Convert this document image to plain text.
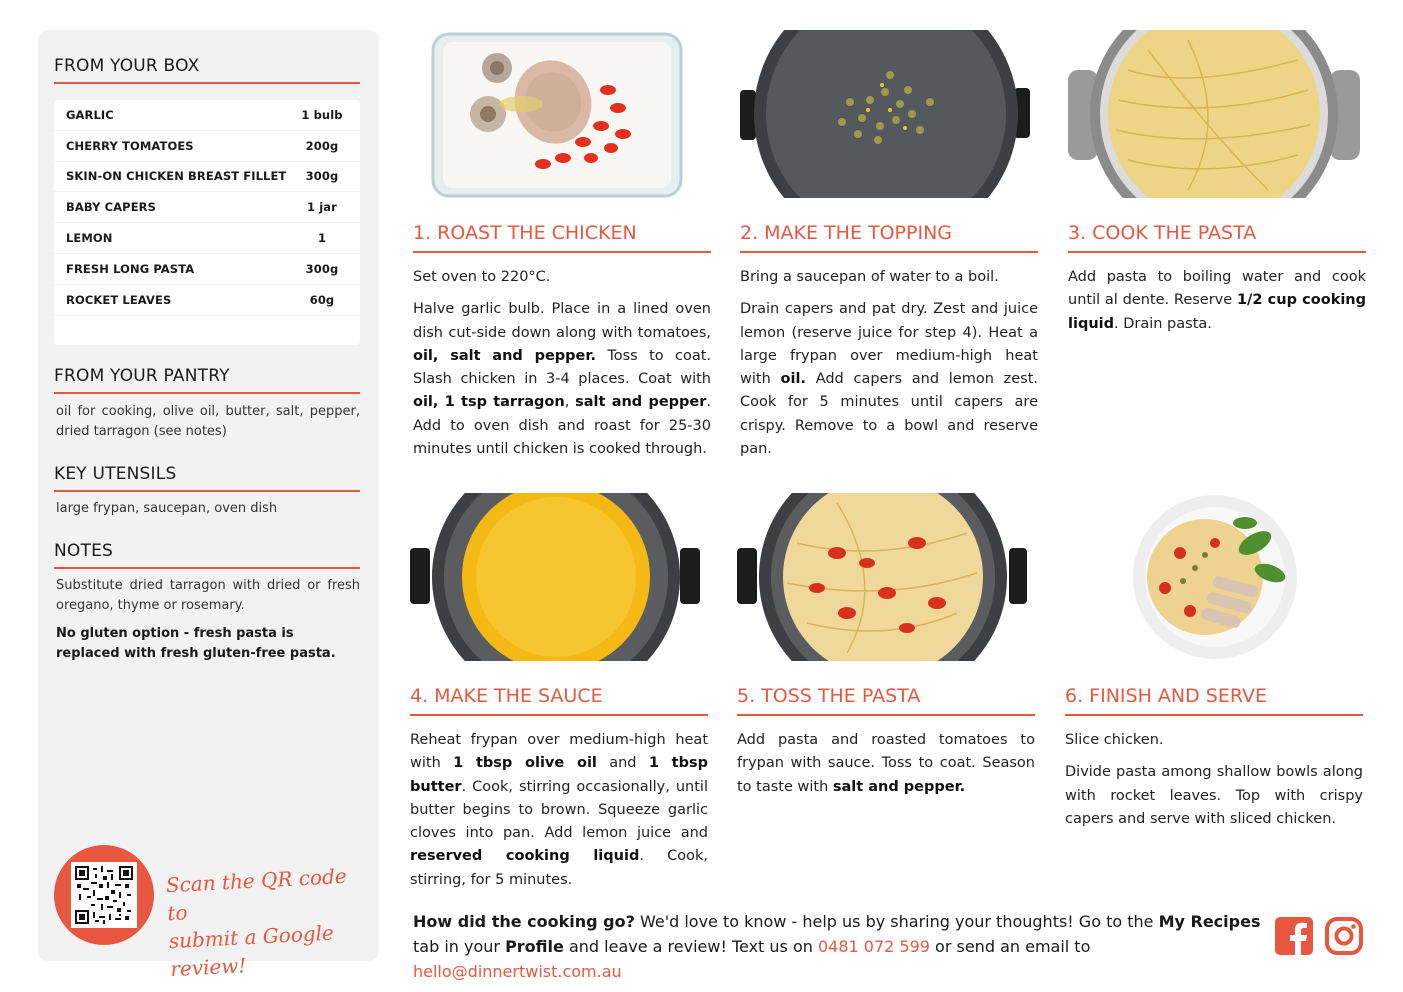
FROM YOUR BOX
GARLIC	1 bulb
CHERRY TOMATOES	200g
SKIN-ON CHICKEN BREAST FILLET	300g
BABY CAPERS	1 jar
LEMON	1
FRESH LONG PASTA	300g
ROCKET LEAVES	60g
FROM YOUR PANTRY
oil for cooking, olive oil, butter, salt, pepper, dried tarragon (see notes)
KEY UTENSILS
large frypan, saucepan, oven dish
NOTES
Substitute dried tarragon with dried or fresh oregano, thyme or rosemary.
No gluten option - fresh pasta is replaced with fresh gluten-free pasta.
Scan the QR code to
submit a Google review!
1. ROAST THE CHICKEN

Set oven to 220°C.

Halve garlic bulb. Place in a lined oven dish cut-side down along with tomatoes, oil, salt and pepper. Toss to coat. Slash chicken in 3-4 places. Coat with oil, 1 tsp tarragon, salt and pepper. Add to oven dish and roast for 25-30 minutes until chicken is cooked through.

2. MAKE THE TOPPING

Bring a saucepan of water to a boil.

Drain capers and pat dry. Zest and juice lemon (reserve juice for step 4). Heat a large frypan over medium-high heat with oil. Add capers and lemon zest. Cook for 5 minutes until capers are crispy. Remove to a bowl and reserve pan.

3. COOK THE PASTA

Add pasta to boiling water and cook until al dente. Reserve 1/2 cup cooking liquid. Drain pasta.

4. MAKE THE SAUCE

Reheat frypan over medium-high heat with 1 tbsp olive oil and 1 tbsp butter. Cook, stirring occasionally, until butter begins to brown. Squeeze garlic cloves into pan. Add lemon juice and reserved cooking liquid. Cook, stirring, for 5 minutes.

5. TOSS THE PASTA

Add pasta and roasted tomatoes to frypan with sauce. Toss to coat. Season to taste with salt and pepper.

6. FINISH AND SERVE

Slice chicken.

Divide pasta among shallow bowls along with rocket leaves. Top with crispy capers and serve with sliced chicken.

How did the cooking go? We'd love to know - help us by sharing your thoughts! Go to the My Recipes tab in your Profile and leave a review! Text us on 0481 072 599 or send an email to hello@dinnertwist.com.au
